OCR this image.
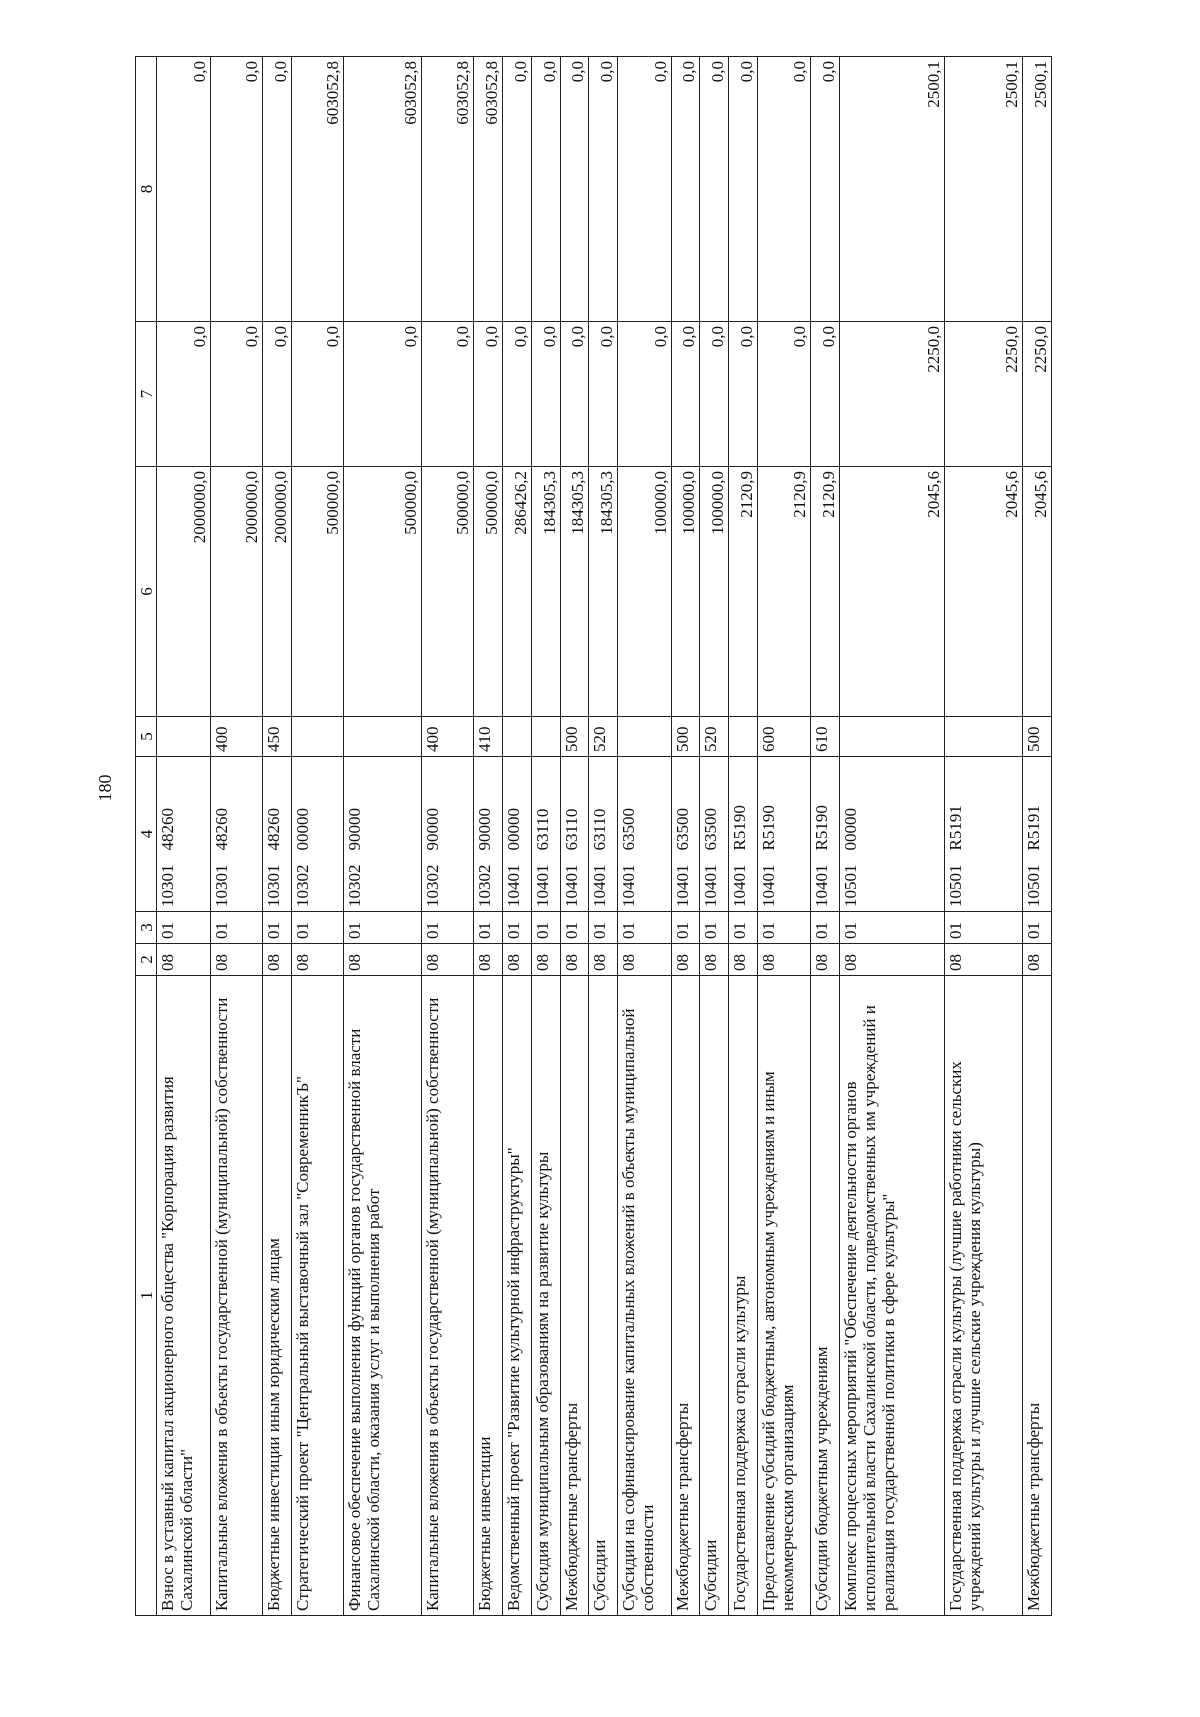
180
1	2	3	4	5	6	7	8
Взнос в уставный капитал акционерного общества "Корпорация развития Сахалинской области"	08	01	1030148260		2000000,0	0,0	0,0
Капитальные вложения в объекты государственной (муниципальной) собственности	08	01	1030148260	400	2000000,0	0,0	0,0
Бюджетные инвестиции иным юридическим лицам	08	01	1030148260	450	2000000,0	0,0	0,0
Стратегический проект "Центральный выставочный зал "СовременникЪ"	08	01	1030200000		500000,0	0,0	603052,8
Финансовое обеспечение выполнения функций органов государственной власти Сахалинской области, оказания услуг и выполнения работ	08	01	1030290000		500000,0	0,0	603052,8
Капитальные вложения в объекты государственной (муниципальной) собственности	08	01	1030290000	400	500000,0	0,0	603052,8
Бюджетные инвестиции	08	01	1030290000	410	500000,0	0,0	603052,8
Ведомственный проект "Развитие культурной инфраструктуры"	08	01	1040100000		286426,2	0,0	0,0
Субсидия муниципальным образованиям на развитие культуры	08	01	1040163110		184305,3	0,0	0,0
Межбюджетные трансферты	08	01	1040163110	500	184305,3	0,0	0,0
Субсидии	08	01	1040163110	520	184305,3	0,0	0,0
Субсидии на софинансирование капитальных вложений в объекты муниципальной собственности	08	01	1040163500		100000,0	0,0	0,0
Межбюджетные трансферты	08	01	1040163500	500	100000,0	0,0	0,0
Субсидии	08	01	1040163500	520	100000,0	0,0	0,0
Государственная поддержка отрасли культуры	08	01	10401R5190		2120,9	0,0	0,0
Предоставление субсидий бюджетным, автономным учреждениям и иным некоммерческим организациям	08	01	10401R5190	600	2120,9	0,0	0,0
Субсидии бюджетным учреждениям	08	01	10401R5190	610	2120,9	0,0	0,0
Комплекс процессных мероприятий "Обеспечение деятельности органов исполнительной власти Сахалинской области, подведомственных им учреждений и реализация государственной политики в сфере культуры"	08	01	1050100000		2045,6	2250,0	2500,1
Государственная поддержка отрасли культуры (лучшие работники сельских учреждений культуры и лучшие сельские учреждения культуры)	08	01	10501R5191		2045,6	2250,0	2500,1
Межбюджетные трансферты	08	01	10501R5191	500	2045,6	2250,0	2500,1
